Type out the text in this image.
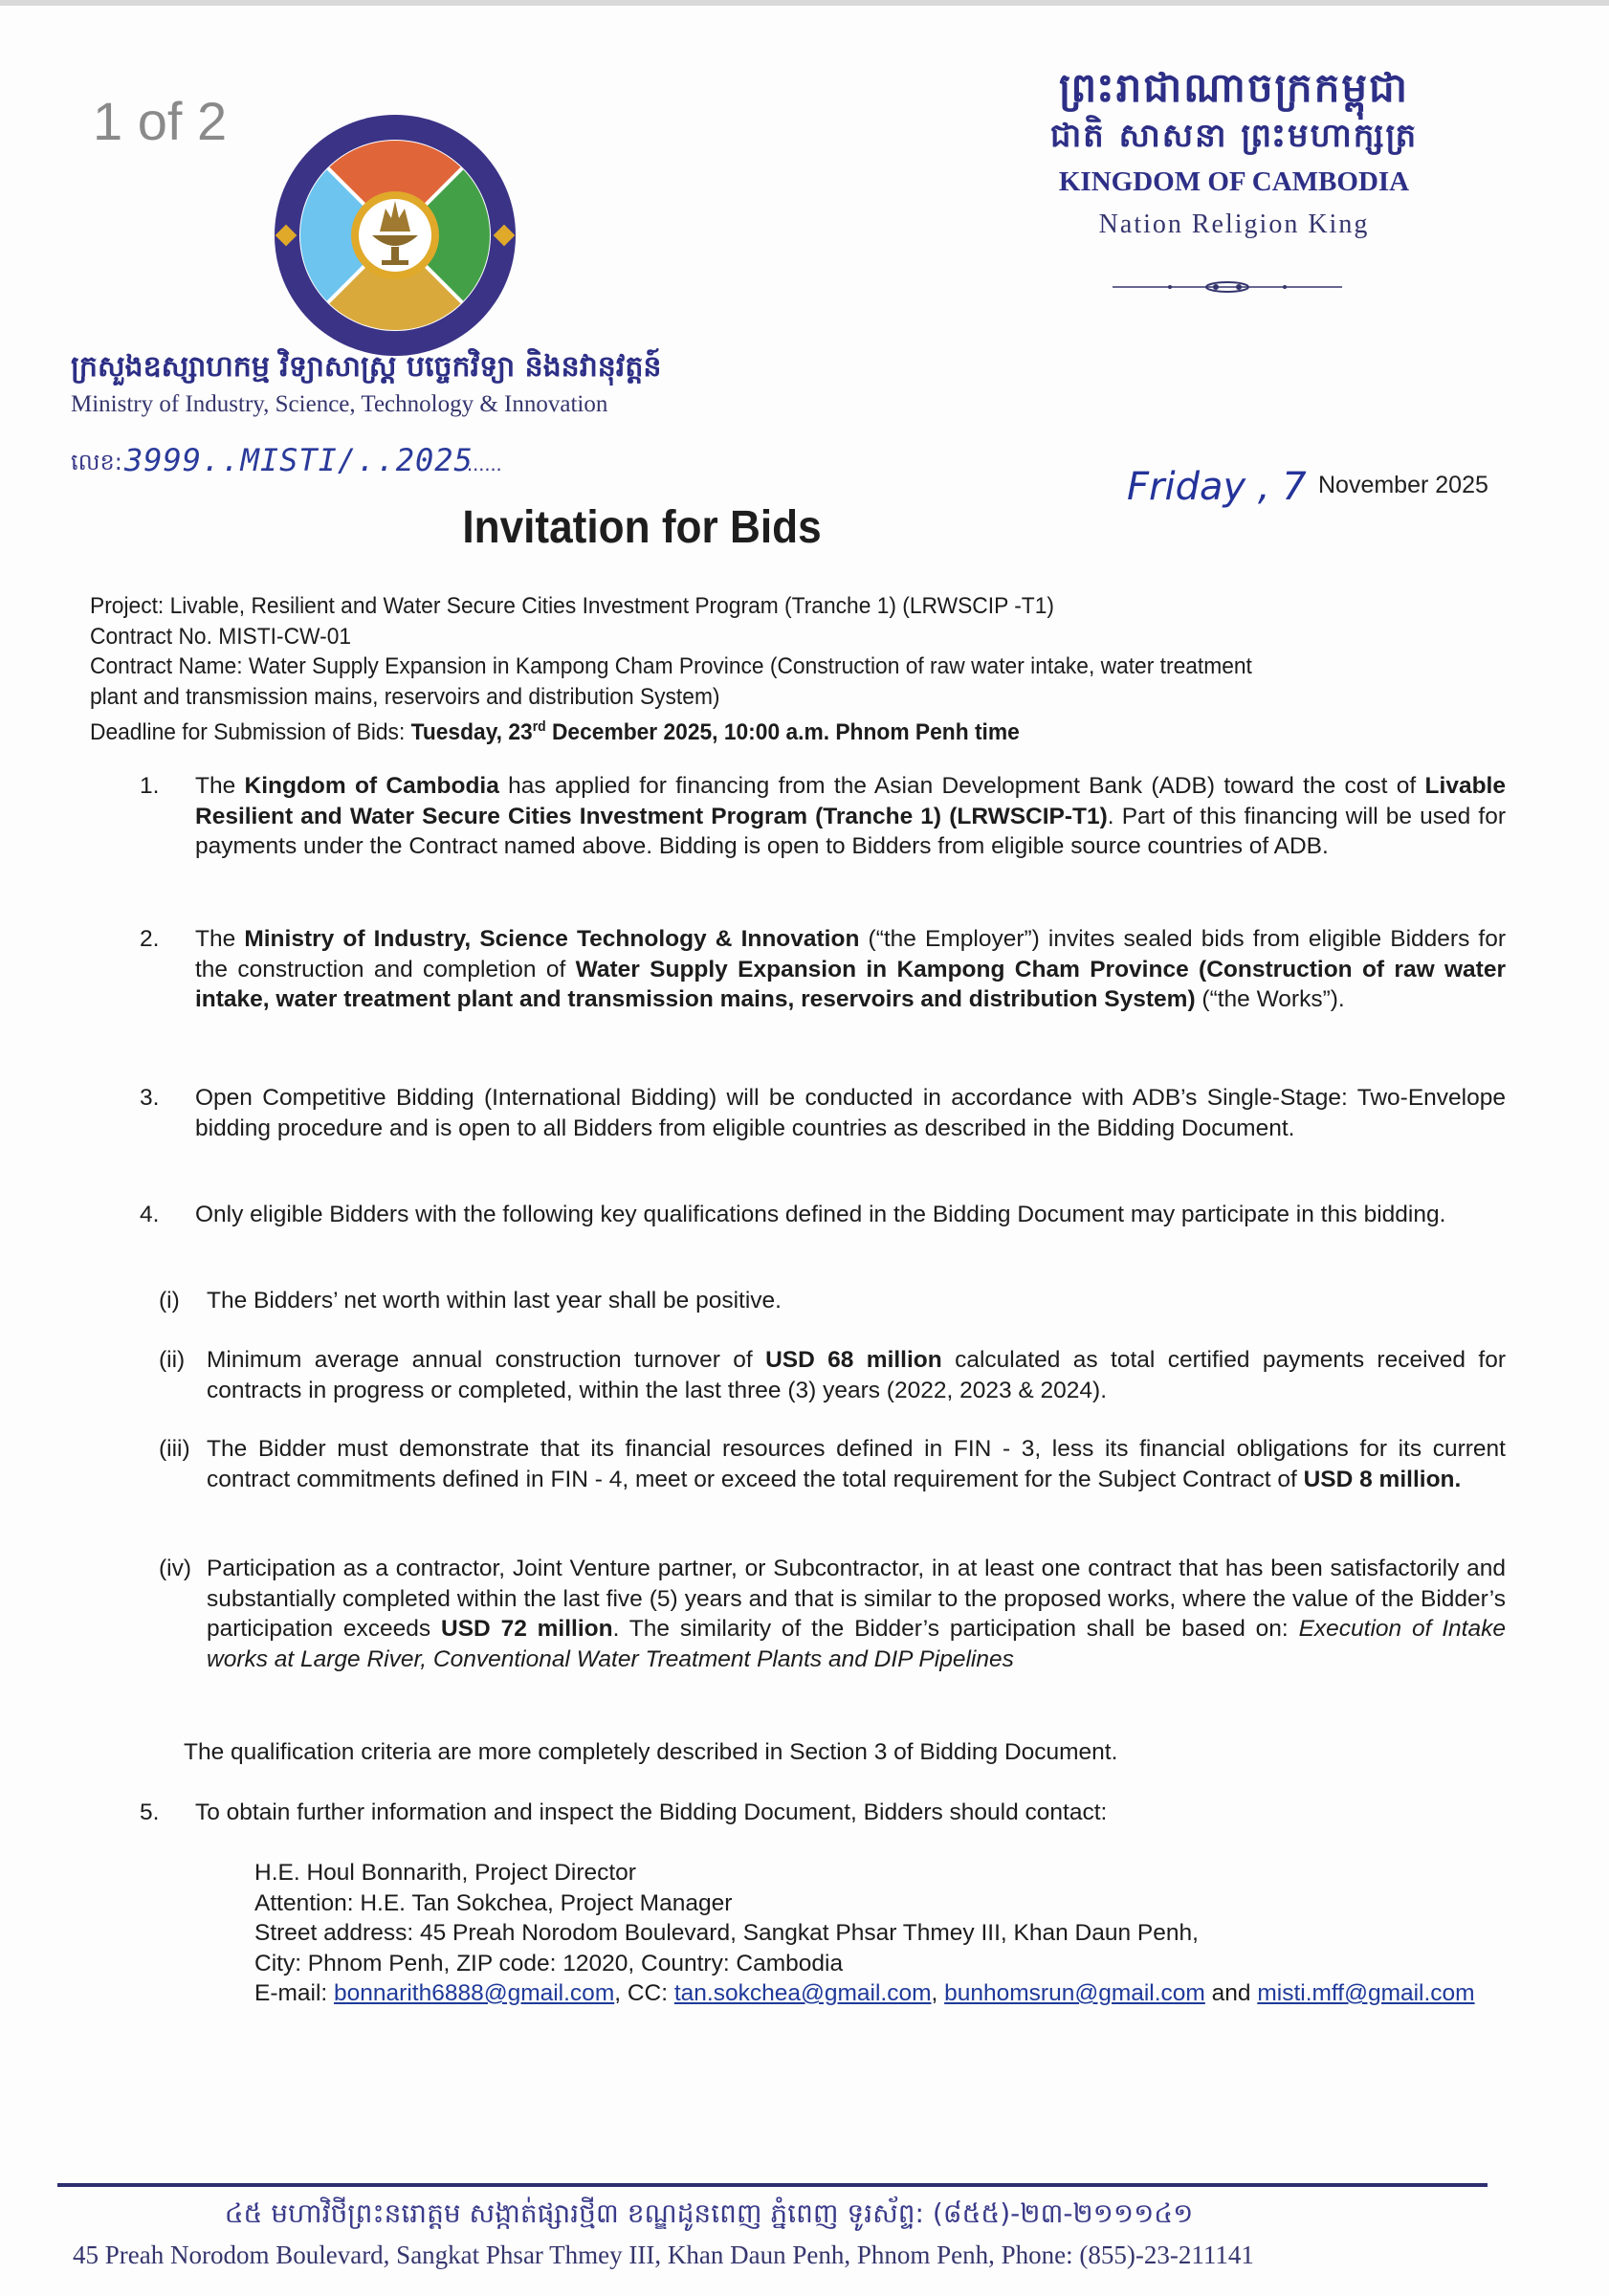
1 of 2
ក្រសួងឧស្សាហកម្ម វិទ្យាសាស្ត្រ បច្ចេកវិទ្យា និងនវានុវត្តន៍
Ministry of Industry, Science, Technology & Innovation
លេខ: 3999..MISTI/..2025
......
ព្រះរាជាណាចក្រកម្ពុជា
ជាតិ សាសនា ព្រះមហាក្សត្រ
KINGDOM OF CAMBODIA
Nation Religion King
Friday , 7 November 2025
Invitation for Bids
Project: Livable, Resilient and Water Secure Cities Investment Program (Tranche 1) (LRWSCIP -T1)
Contract No. MISTI-CW-01
Contract Name: Water Supply Expansion in Kampong Cham Province (Construction of raw water intake, water treatment
plant and transmission mains, reservoirs and distribution System)
Deadline for Submission of Bids: Tuesday, 23rd December 2025, 10:00 a.m. Phnom Penh time
1. The Kingdom of Cambodia has applied for financing from the Asian Development Bank (ADB) toward the cost of Livable Resilient and Water Secure Cities Investment Program (Tranche 1) (LRWSCIP-T1). Part of this financing will be used for payments under the Contract named above. Bidding is open to Bidders from eligible source countries of ADB.
2. The Ministry of Industry, Science Technology & Innovation (“the Employer”) invites sealed bids from eligible Bidders for the construction and completion of Water Supply Expansion in Kampong Cham Province (Construction of raw water intake, water treatment plant and transmission mains, reservoirs and distribution System) (“the Works”).
3. Open Competitive Bidding (International Bidding) will be conducted in accordance with ADB’s Single-Stage: Two-Envelope bidding procedure and is open to all Bidders from eligible countries as described in the Bidding Document.
4. Only eligible Bidders with the following key qualifications defined in the Bidding Document may participate in this bidding.
(i) The Bidders’ net worth within last year shall be positive.
(ii) Minimum average annual construction turnover of USD 68 million calculated as total certified payments received for contracts in progress or completed, within the last three (3) years (2022, 2023 & 2024).
(iii) The Bidder must demonstrate that its financial resources defined in FIN - 3, less its financial obligations for its current contract commitments defined in FIN - 4, meet or exceed the total requirement for the Subject Contract of USD 8 million.
(iv) Participation as a contractor, Joint Venture partner, or Subcontractor, in at least one contract that has been satisfactorily and substantially completed within the last five (5) years and that is similar to the proposed works, where the value of the Bidder’s participation exceeds USD 72 million. The similarity of the Bidder’s participation shall be based on: Execution of Intake works at Large River, Conventional Water Treatment Plants and DIP Pipelines
The qualification criteria are more completely described in Section 3 of Bidding Document.
5. To obtain further information and inspect the Bidding Document, Bidders should contact:
H.E. Houl Bonnarith, Project Director
Attention: H.E. Tan Sokchea, Project Manager
Street address: 45 Preah Norodom Boulevard, Sangkat Phsar Thmey III, Khan Daun Penh,
City: Phnom Penh, ZIP code: 12020, Country: Cambodia
E-mail: bonnarith6888@gmail.com, CC: tan.sokchea@gmail.com, bunhomsrun@gmail.com and misti.mff@gmail.com
៤៥ មហាវិថីព្រះនរោត្តម សង្កាត់ផ្សារថ្មី៣ ខណ្ឌដូនពេញ ភ្នំពេញ ទូរស័ព្ទ: (៨៥៥)-២៣-២១១១៤១
45 Preah Norodom Boulevard, Sangkat Phsar Thmey III, Khan Daun Penh, Phnom Penh, Phone: (855)-23-211141
